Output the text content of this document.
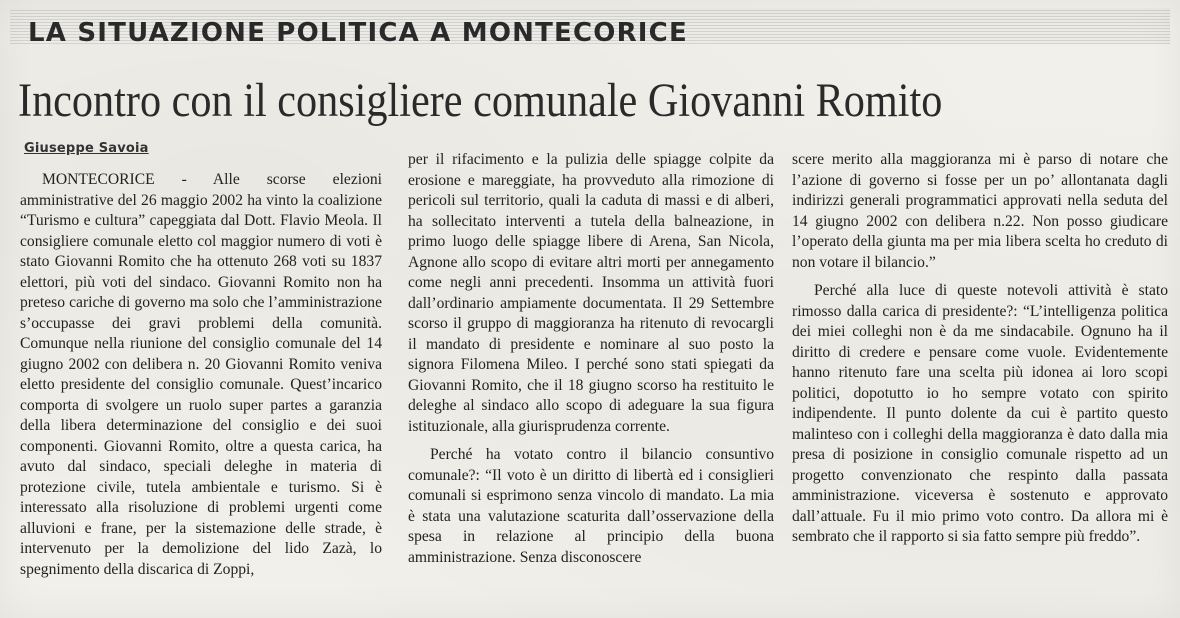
LA SITUAZIONE POLITICA A MONTECORICE
Incontro con il consigliere comunale Giovanni Romito
Giuseppe Savoia

MONTECORICE - Alle scorse elezioni amministrative del 26 maggio 2002 ha vinto la coalizione “Turismo e cultura” capeggiata dal Dott. Flavio Meola. Il consigliere comunale eletto col maggior numero di voti è stato Giovanni Romito che ha ottenuto 268 voti su 1837 elettori, più voti del sindaco. Giovanni Romito non ha preteso cariche di governo ma solo che l’amministrazione s’occupasse dei gravi problemi della comunità. Comunque nella riunione del consiglio comunale del 14 giugno 2002 con delibera n. 20 Giovanni Romito veniva eletto presidente del consiglio comunale. Quest’incarico comporta di svolgere un ruolo super partes a garanzia della libera determinazione del consiglio e dei suoi componenti. Giovanni Romito, oltre a questa carica, ha avuto dal sindaco, speciali deleghe in materia di protezione civile, tutela ambientale e turismo. Si è interessato alla risoluzione di problemi urgenti come alluvioni e frane, per la sistemazione delle strade, è intervenuto per la demolizione del lido Zazà, lo spegnimento della discarica di Zoppi,

per il rifacimento e la pulizia delle spiagge colpite da erosione e mareggiate, ha provveduto alla rimozione di pericoli sul territorio, quali la caduta di massi e di alberi, ha sollecitato interventi a tutela della balneazione, in primo luogo delle spiagge libere di Arena, San Nicola, Agnone allo scopo di evitare altri morti per annegamento come negli anni precedenti. Insomma un attività fuori dall’ordinario ampiamente documentata. Il 29 Settembre scorso il gruppo di maggioranza ha ritenuto di revocargli il mandato di presidente e nominare al suo posto la signora Filomena Mileo. I perché sono stati spiegati da Giovanni Romito, che il 18 giugno scorso ha restituito le deleghe al sindaco allo scopo di adeguare la sua figura istituzionale, alla giurisprudenza corrente.

Perché ha votato contro il bilancio consuntivo comunale?: “Il voto è un diritto di libertà ed i consiglieri comunali si esprimono senza vincolo di mandato. La mia è stata una valutazione scaturita dall’osservazione della spesa in relazione al principio della buona amministrazione. Senza disconoscere

scere merito alla maggioranza mi è parso di notare che l’azione di governo si fosse per un po’ allontanata dagli indirizzi generali programmatici approvati nella seduta del 14 giugno 2002 con delibera n.22. Non posso giudicare l’operato della giunta ma per mia libera scelta ho creduto di non votare il bilancio.”

Perché alla luce di queste notevoli attività è stato rimosso dalla carica di presidente?: “L’intelligenza politica dei miei colleghi non è da me sindacabile. Ognuno ha il diritto di credere e pensare come vuole. Evidentemente hanno ritenuto fare una scelta più idonea ai loro scopi politici, dopotutto io ho sempre votato con spirito indipendente. Il punto dolente da cui è partito questo malinteso con i colleghi della maggioranza è dato dalla mia presa di posizione in consiglio comunale rispetto ad un progetto convenzionato che respinto dalla passata amministrazione. viceversa è sostenuto e approvato dall’attuale. Fu il mio primo voto contro. Da allora mi è sembrato che il rapporto si sia fatto sempre più freddo”.
